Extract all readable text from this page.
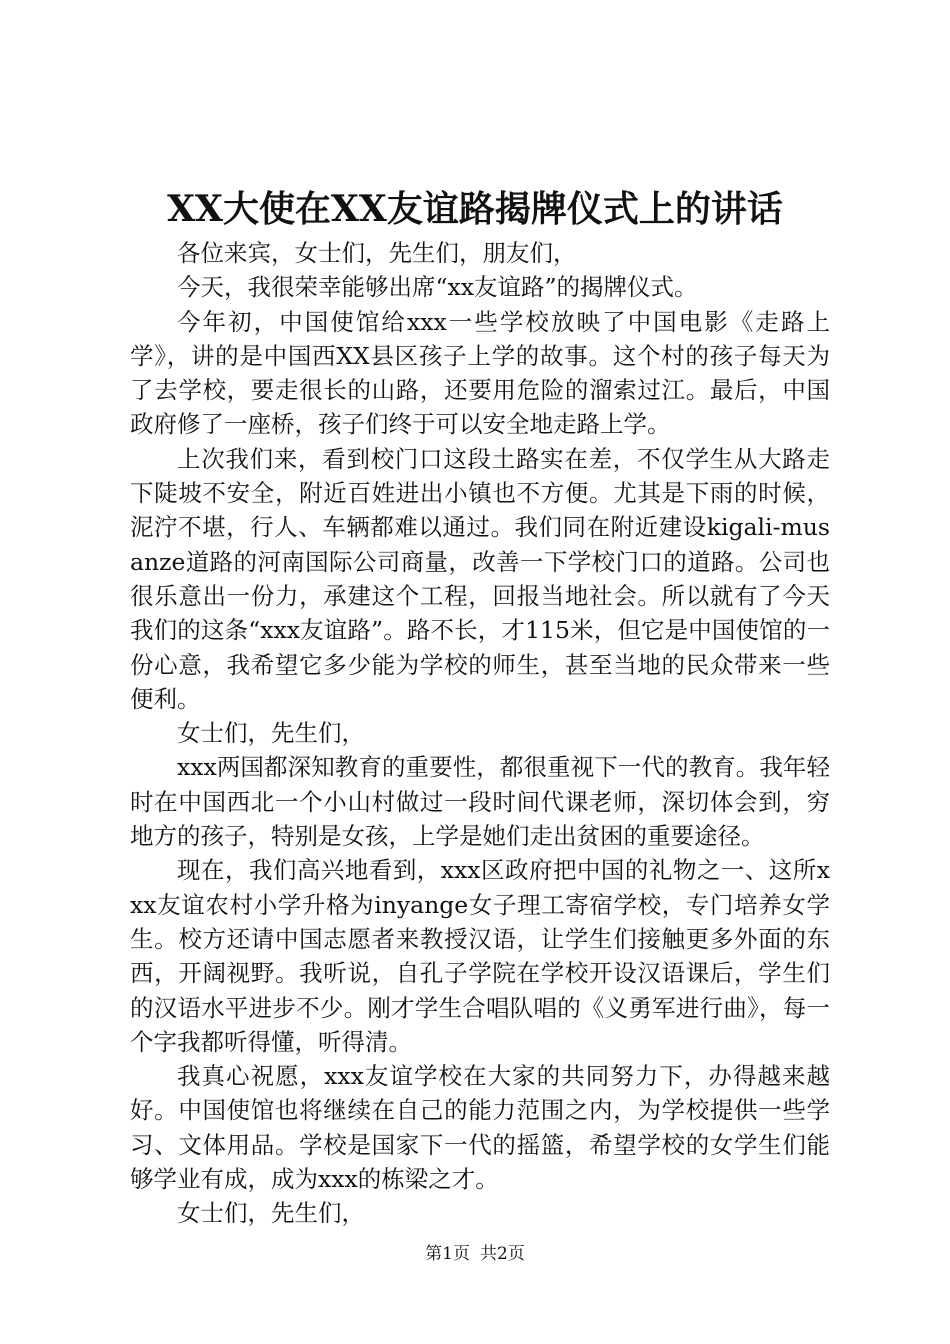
XX大使在XX友谊路揭牌仪式上的讲话

各位来宾，女士们，先生们，朋友们，

今天，我很荣幸能够出席“xx友谊路”的揭牌仪式。

今年初，中国使馆给xxx一些学校放映了中国电影《走路上学》，讲的是中国西XX县区孩子上学的故事。这个村的孩子每天为了去学校，要走很长的山路，还要用危险的溜索过江。最后，中国政府修了一座桥，孩子们终于可以安全地走路上学。

上次我们来，看到校门口这段土路实在差，不仅学生从大路走下陡坡不安全，附近百姓进出小镇也不方便。尤其是下雨的时候，泥泞不堪，行人、车辆都难以通过。我们同在附近建设kigali-musanze道路的河南国际公司商量，改善一下学校门口的道路。公司也很乐意出一份力，承建这个工程，回报当地社会。所以就有了今天我们的这条“xxx友谊路”。路不长，才115米，但它是中国使馆的一份心意，我希望它多少能为学校的师生，甚至当地的民众带来一些便利。

女士们，先生们，

xxx两国都深知教育的重要性，都很重视下一代的教育。我年轻时在中国西北一个小山村做过一段时间代课老师，深切体会到，穷地方的孩子，特别是女孩，上学是她们走出贫困的重要途径。

现在，我们高兴地看到，xxx区政府把中国的礼物之一、这所xxx友谊农村小学升格为inyange女子理工寄宿学校，专门培养女学生。校方还请中国志愿者来教授汉语，让学生们接触更多外面的东西，开阔视野。我听说，自孔子学院在学校开设汉语课后，学生们的汉语水平进步不少。刚才学生合唱队唱的《义勇军进行曲》，每一个字我都听得懂，听得清。

我真心祝愿，xxx友谊学校在大家的共同努力下，办得越来越好。中国使馆也将继续在自己的能力范围之内，为学校提供一些学习、文体用品。学校是国家下一代的摇篮，希望学校的女学生们能够学业有成，成为xxx的栋梁之才。

女士们，先生们，

第1页 共2页
